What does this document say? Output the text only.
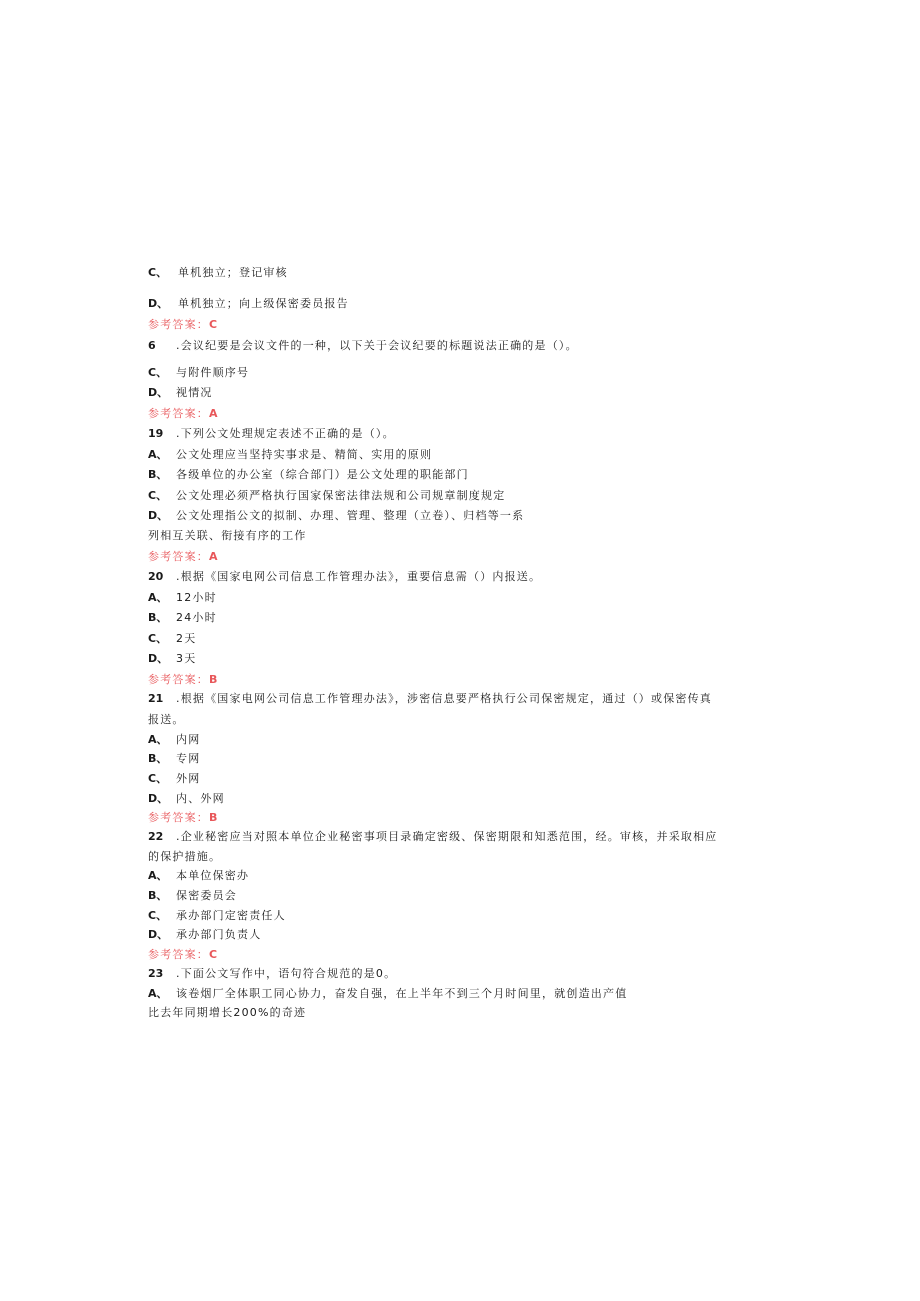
C、 单机独立；登记审核
D、 单机独立；向上级保密委员报告
参考答案：C
6 .会议纪要是会议文件的一种，以下关于会议纪要的标题说法正确的是（）。
C、 与附件顺序号
D、 视情况
参考答案：A
19 .下列公文处理规定表述不正确的是（）。
A、 公文处理应当坚持实事求是、精简、实用的原则
B、 各级单位的办公室（综合部门）是公文处理的职能部门
C、 公文处理必须严格执行国家保密法律法规和公司规章制度规定
D、 公文处理指公文的拟制、办理、管理、整理（立卷）、归档等一系
列相互关联、衔接有序的工作
参考答案：A
20 .根据《国家电网公司信息工作管理办法》，重要信息需（）内报送。
A、 12小时
B、 24小时
C、 2天
D、 3天
参考答案：B
21 .根据《国家电网公司信息工作管理办法》，涉密信息要严格执行公司保密规定，通过（）或保密传真
报送。
A、 内网
B、 专网
C、 外网
D、 内、外网
参考答案：B
22 .企业秘密应当对照本单位企业秘密事项目录确定密级、保密期限和知悉范围，经。审核，并采取相应
的保护措施。
A、 本单位保密办
B、 保密委员会
C、 承办部门定密责任人
D、 承办部门负责人
参考答案：C
23 .下面公文写作中，语句符合规范的是0。
A、 该卷烟厂全体职工同心协力，奋发自强，在上半年不到三个月时间里，就创造出产值
比去年同期增长200%的奇迹
